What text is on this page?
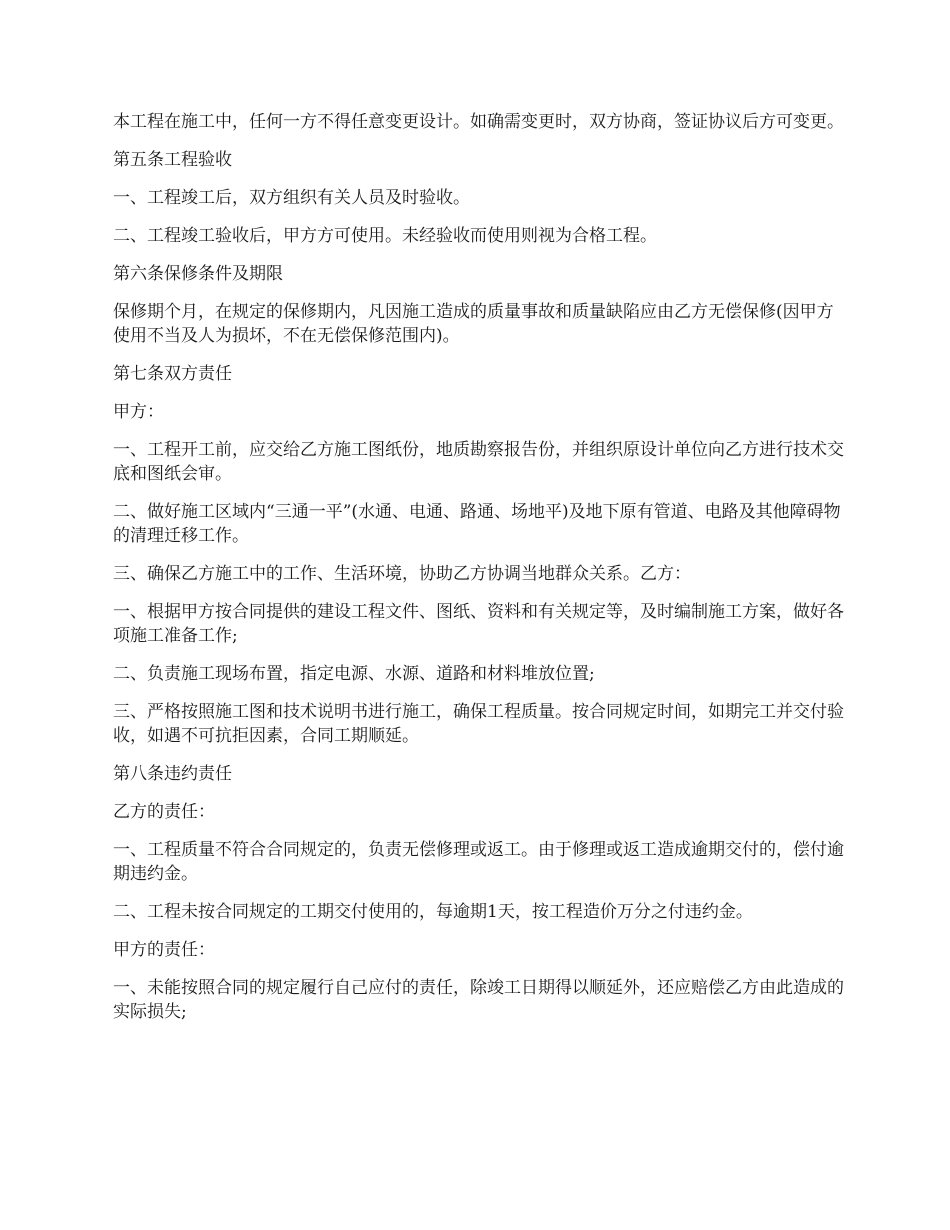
本工程在施工中，任何一方不得任意变更设计。如确需变更时，双方协商，签证协议后方可变更。

第五条工程验收

一、工程竣工后，双方组织有关人员及时验收。

二、工程竣工验收后，甲方方可使用。未经验收而使用则视为合格工程。

第六条保修条件及期限

保修期个月，在规定的保修期内，凡因施工造成的质量事故和质量缺陷应由乙方无偿保修(因甲方使用不当及人为损坏，不在无偿保修范围内)。

第七条双方责任

甲方：

一、工程开工前，应交给乙方施工图纸份，地质勘察报告份，并组织原设计单位向乙方进行技术交底和图纸会审。

二、做好施工区域内“三通一平”(水通、电通、路通、场地平)及地下原有管道、电路及其他障碍物的清理迁移工作。

三、确保乙方施工中的工作、生活环境，协助乙方协调当地群众关系。乙方：

一、根据甲方按合同提供的建设工程文件、图纸、资料和有关规定等，及时编制施工方案，做好各项施工准备工作;

二、负责施工现场布置，指定电源、水源、道路和材料堆放位置;

三、严格按照施工图和技术说明书进行施工，确保工程质量。按合同规定时间，如期完工并交付验收，如遇不可抗拒因素，合同工期顺延。

第八条违约责任

乙方的责任：

一、工程质量不符合合同规定的，负责无偿修理或返工。由于修理或返工造成逾期交付的，偿付逾期违约金。

二、工程未按合同规定的工期交付使用的，每逾期1天，按工程造价万分之付违约金。

甲方的责任：

一、未能按照合同的规定履行自己应付的责任，除竣工日期得以顺延外，还应赔偿乙方由此造成的实际损失;
